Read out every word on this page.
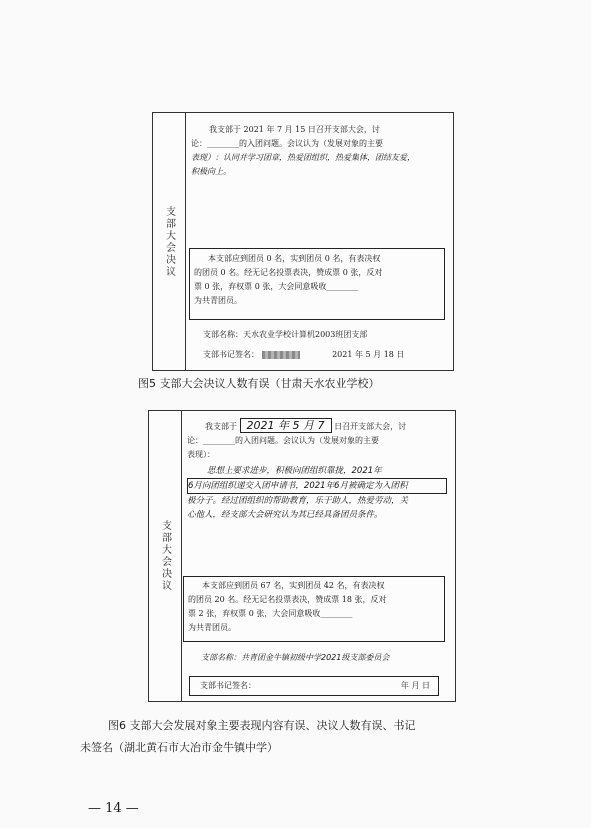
支部大会决议
我支部于 2021 年 7 月 15 日召开支部大会，讨
论：________的入团问题。会议认为（发展对象的主要
表现）：认同并学习团章，热爱团组织，热爱集体，团结友爱，
积极向上。
本支部应到团员 0 名，实到团员 0 名，有表决权
的团员 0 名。经无记名投票表决，赞成票 0 张，反对
票 0 张，弃权票 0 张，大会同意吸收________
为共青团员。
支部名称：天水农业学校计算机2003班团支部
支部书记签名：	2021 年 5 月 18 日
图5 支部大会决议人数有误（甘肃天水农业学校）
支部大会决议
我支部于 2021 年 5 月 7 日召开支部大会，讨
论：________的入团问题。会议认为（发展对象的主要
表现）：
思想上要求进步，积极向团组织靠拢，2021年
6月向团组织递交入团申请书，2021年6月被确定为入团积
极分子。经过团组织的帮助教育，乐于助人，热爱劳动，关
心他人，经支部大会研究认为其已经具备团员条件。
本支部应到团员 67 名，实到团员 42 名，有表决权
的团员 20 名。经无记名投票表决，赞成票 18 张，反对
票 2 张，弃权票 0 张，大会同意吸收________
为共青团员。
支部名称：共青团金牛镇初级中学2021级支部委员会
支部书记签名：	年 月 日
图6 支部大会发展对象主要表现内容有误、决议人数有误、书记
未签名（湖北黄石市大冶市金牛镇中学）
— 14 —
